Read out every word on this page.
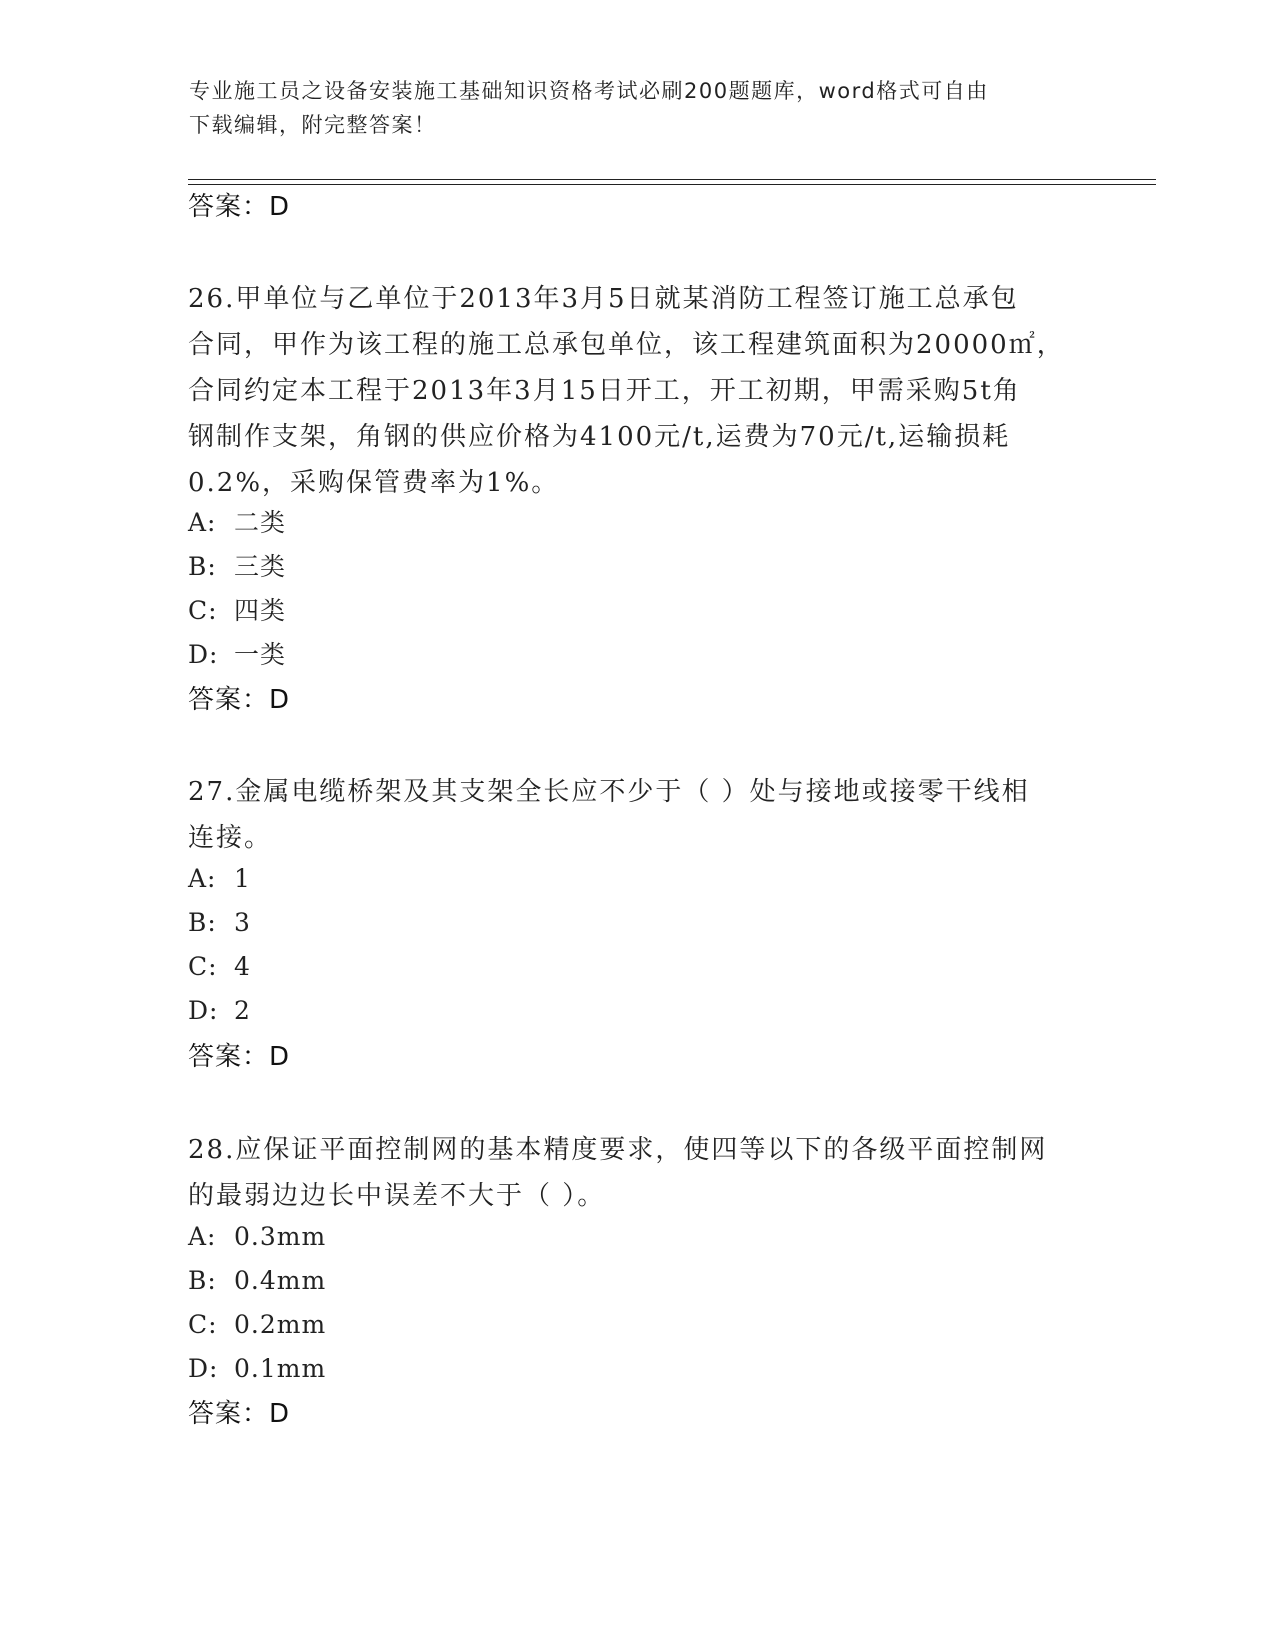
专业施工员之设备安装施工基础知识资格考试必刷200题题库，word格式可自由
下载编辑，附完整答案！
答案：D
26.甲单位与乙单位于2013年3月5日就某消防工程签订施工总承包
合同，甲作为该工程的施工总承包单位，该工程建筑面积为20000㎡，
合同约定本工程于2013年3月15日开工，开工初期，甲需采购5t角
钢制作支架，角钢的供应价格为4100元/t,运费为70元/t,运输损耗
0.2%，采购保管费率为1%。
A: 二类
B: 三类
C: 四类
D: 一类
答案：D
27.金属电缆桥架及其支架全长应不少于（ ）处与接地或接零干线相
连接。
A: 1
B: 3
C: 4
D: 2
答案：D
28.应保证平面控制网的基本精度要求，使四等以下的各级平面控制网
的最弱边边长中误差不大于（ ）。
A: 0.3mm
B: 0.4mm
C: 0.2mm
D: 0.1mm
答案：D
